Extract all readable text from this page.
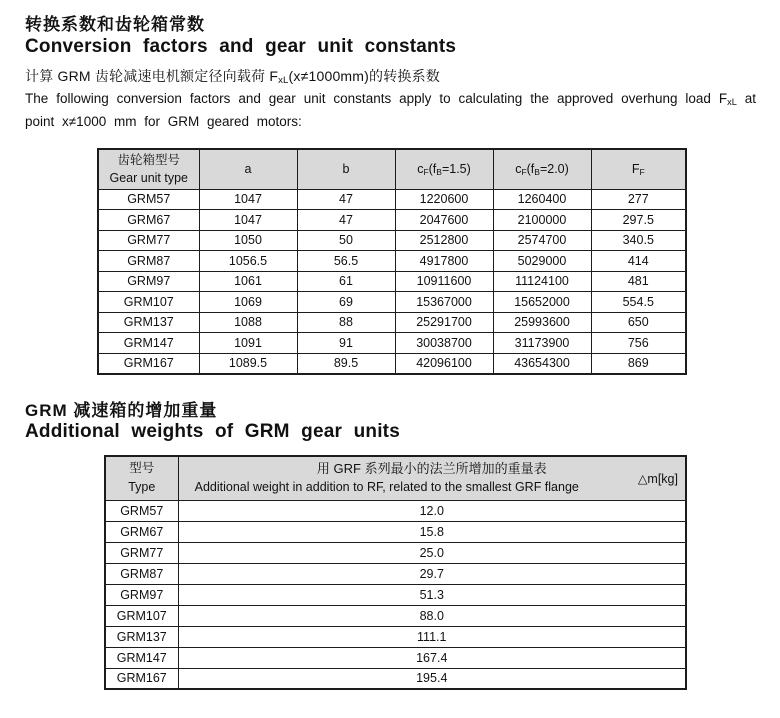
转换系数和齿轮箱常数
Conversion factors and gear unit constants
计算 GRM 齿轮减速电机额定径向载荷 $F_{xL}(x\ne 1000mm)$的转换系数
The following conversion factors and gear unit constants apply to calculating the approved overhung load $F_{xL}$ at
point x≠1000 mm for GRM geared motors:
齿轮箱型号
Gear unit type	a	b	$c_F(f_B=1.5)$	$c_F(f_B=2.0)$	$F_F$
GRM57	1047	47	1220600	1260400	277
GRM67	1047	47	2047600	2100000	297.5
GRM77	1050	50	2512800	2574700	340.5
GRM87	1056.5	56.5	4917800	5029000	414
GRM97	1061	61	10911600	11124100	481
GRM107	1069	69	15367000	15652000	554.5
GRM137	1088	88	25291700	25993600	650
GRM147	1091	91	30038700	31173900	756
GRM167	1089.5	89.5	42096100	43654300	869
GRM 减速箱的增加重量
Additional weights of GRM gear units
型号
Type

用 GRF 系列最小的法兰所增加的重量表
Additional weight in addition to RF, related to the smallest GRF flange
△m[kg]

GRM57	12.0
GRM67	15.8
GRM77	25.0
GRM87	29.7
GRM97	51.3
GRM107	88.0
GRM137	111.1
GRM147	167.4
GRM167	195.4
